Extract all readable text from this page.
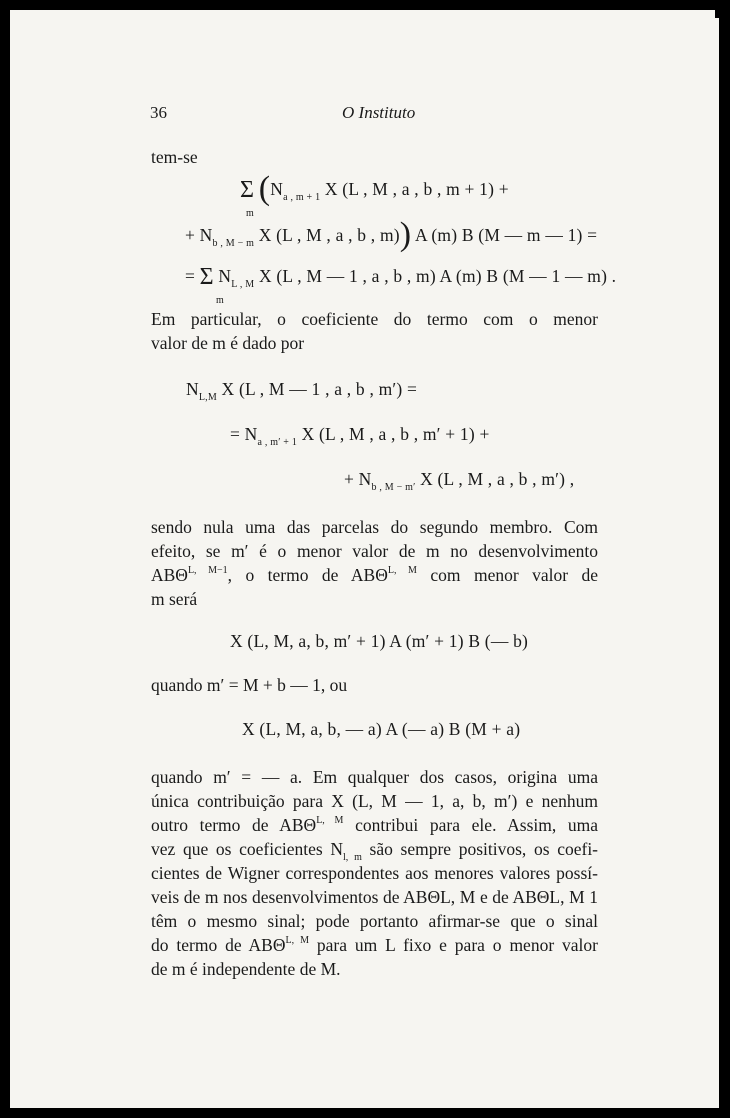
36	O Instituto
tem-se
Σ ($N_{a , m + 1}$ X (L , M , a , b , m + 1) +
m
+ $N_{b , M - m}$ X (L , M , a , b , m)) A (m) B (M — m — 1) =
= Σ $N_{L , M}$ X (L , M — 1 , a , b , m) A (m) B (M — 1 — m) .
m
Em particular, o coeficiente do termo com o menor
valor de m é dado por
$N_{L,M}$ X (L , M — 1 , a , b , m′) =
= $N_{a , m' + 1}$ X (L , M , a , b , m′ + 1) +
+ $N_{b , M - m'}$ X (L , M , a , b , m′) ,
sendo nula uma das parcelas do segundo membro. Com
efeito, se m′ é o menor valor de m no desenvolvimento
$AB\Theta^{L, M-1}$, o termo de $AB\Theta^{L, M}$ com menor valor de
m será
X (L, M, a, b, m′ + 1) A (m′ + 1) B (— b)
quando m′ = M + b — 1, ou
X (L, M, a, b, — a) A (— a) B (M + a)
quando m′ = — a. Em qualquer dos casos, origina uma
única contribuição para X (L, M — 1, a, b, m′) e nenhum
outro termo de $AB\Theta^{L, M}$ contribui para ele. Assim, uma
vez que os coeficientes $N_{l, m}$ são sempre positivos, os coefi-
cientes de Wigner correspondentes aos menores valores possí-
veis de m nos desenvolvimentos de ABΘL, M e de ABΘL, M 1
têm o mesmo sinal; pode portanto afirmar-se que o sinal
do termo de $AB\Theta^{L, M}$ para um L fixo e para o menor valor
de m é independente de M.
